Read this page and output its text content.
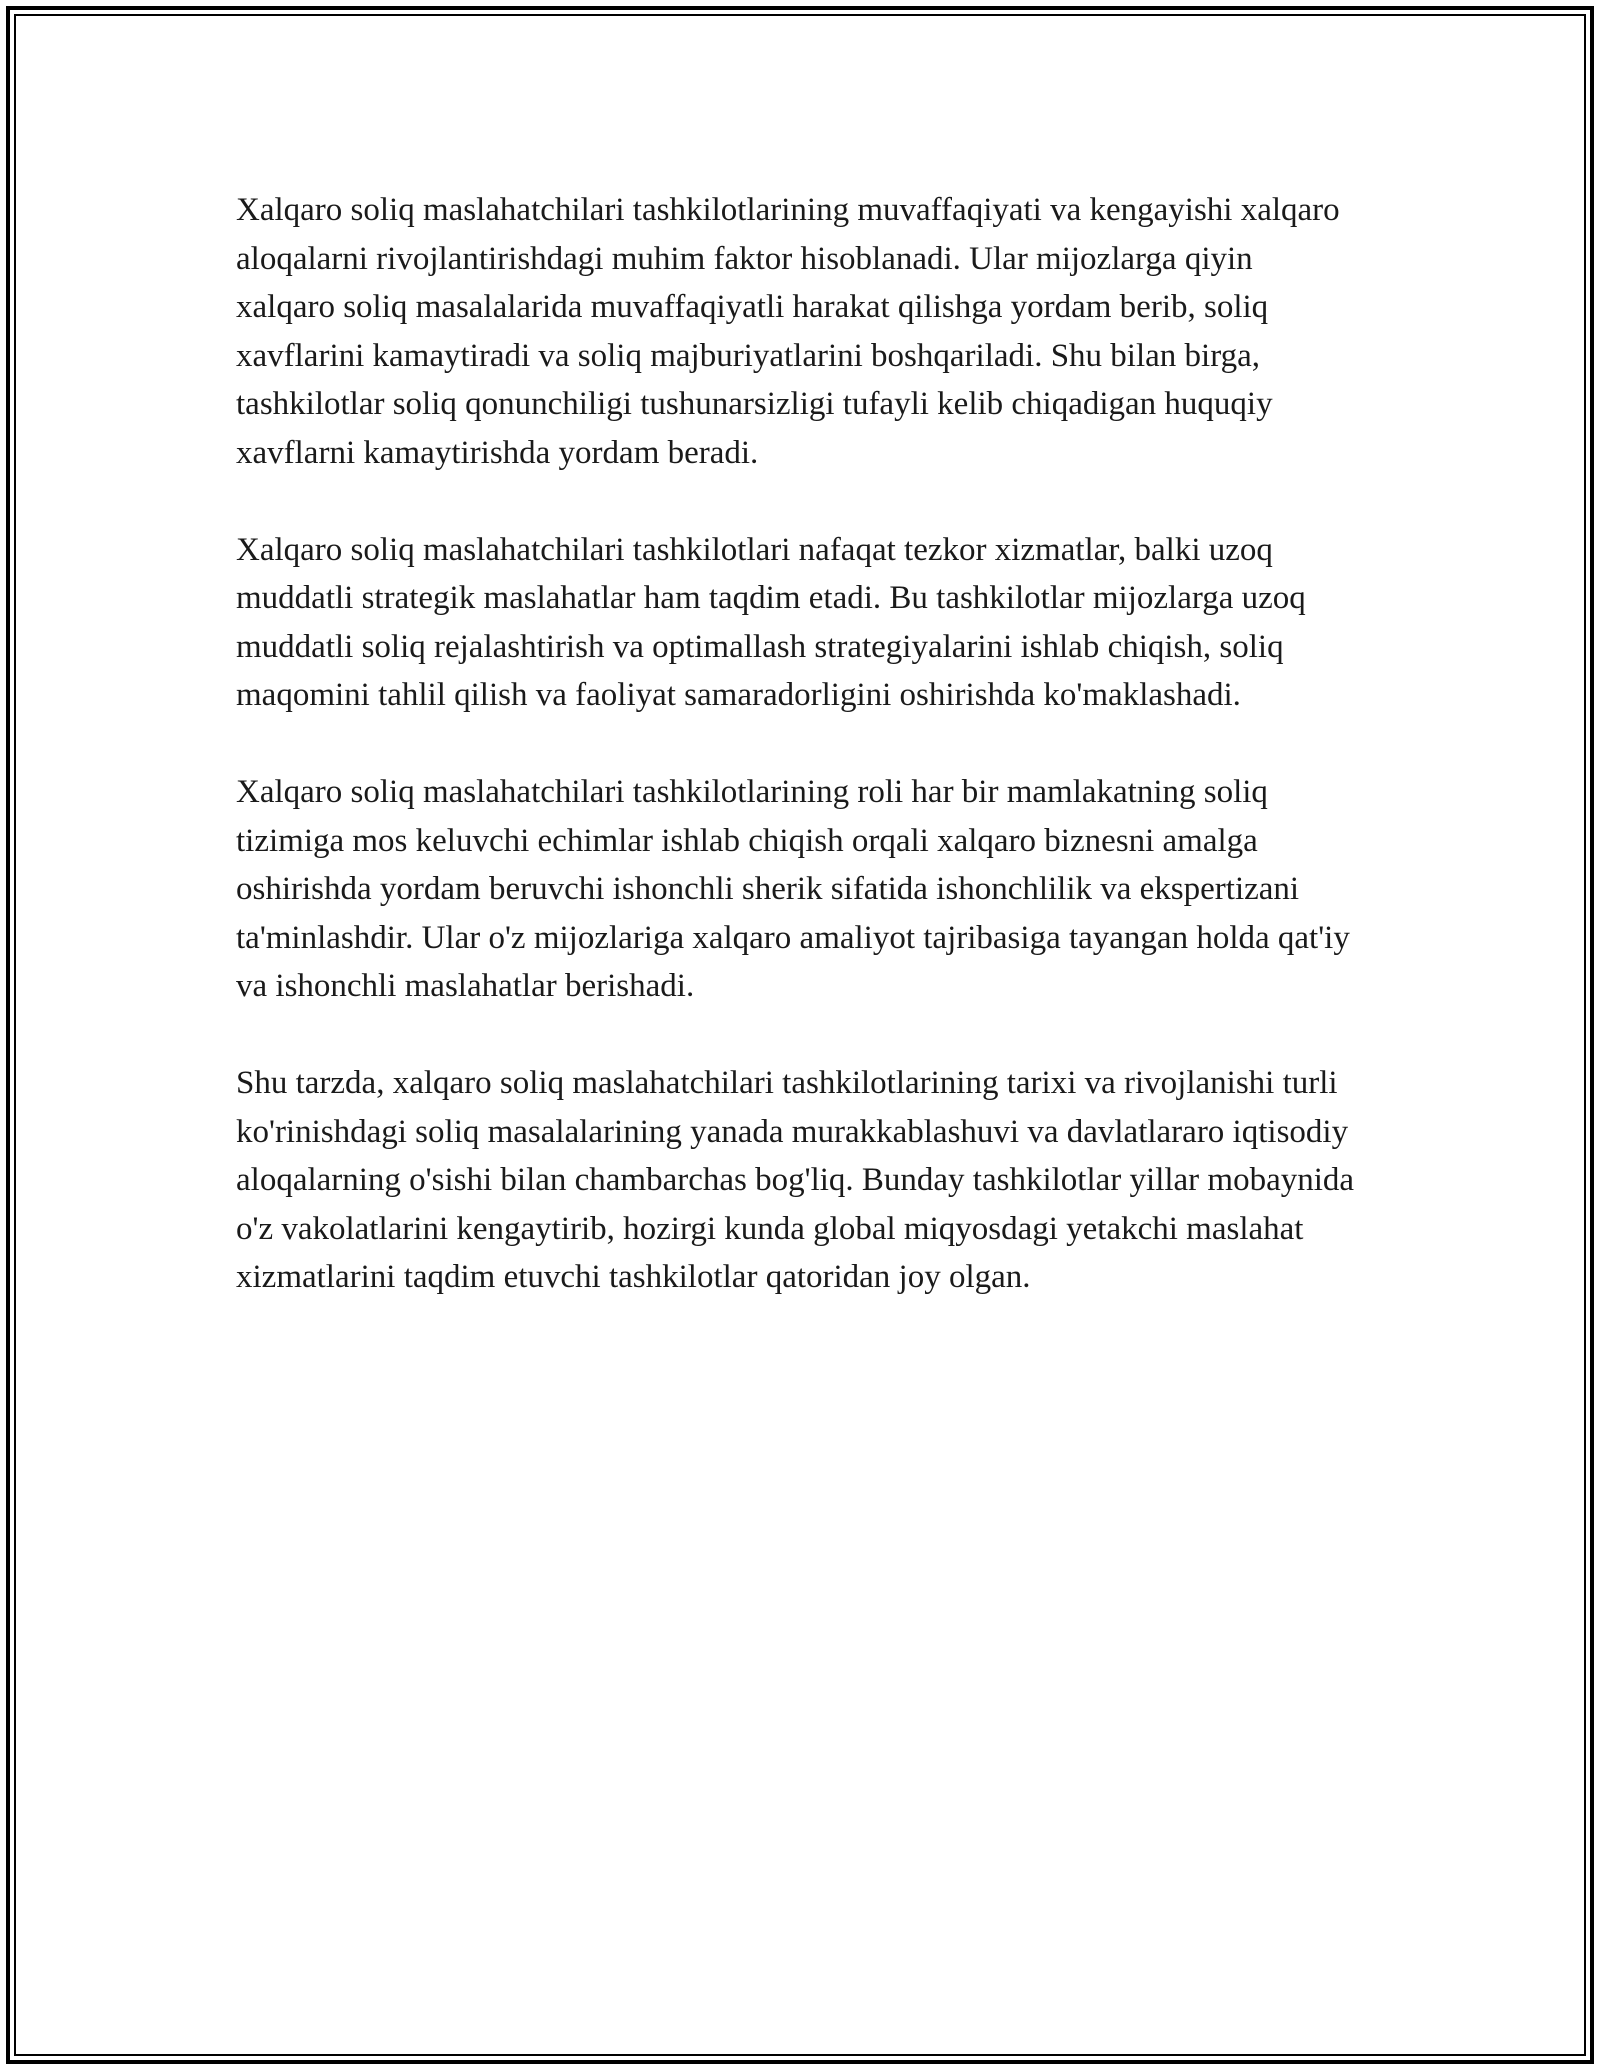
Xalqaro soliq maslahatchilari tashkilotlarining muvaffaqiyati va kengayishi xalqaro aloqalarni rivojlantirishdagi muhim faktor hisoblanadi. Ular mijozlarga qiyin xalqaro soliq masalalarida muvaffaqiyatli harakat qilishga yordam berib, soliq xavflarini kamaytiradi va soliq majburiyatlarini boshqariladi. Shu bilan birga, tashkilotlar soliq qonunchiligi tushunarsizligi tufayli kelib chiqadigan huquqiy xavflarni kamaytirishda yordam beradi.

Xalqaro soliq maslahatchilari tashkilotlari nafaqat tezkor xizmatlar, balki uzoq muddatli strategik maslahatlar ham taqdim etadi. Bu tashkilotlar mijozlarga uzoq muddatli soliq rejalashtirish va optimallash strategiyalarini ishlab chiqish, soliq maqomini tahlil qilish va faoliyat samaradorligini oshirishda ko'maklashadi.

Xalqaro soliq maslahatchilari tashkilotlarining roli har bir mamlakatning soliq tizimiga mos keluvchi echimlar ishlab chiqish orqali xalqaro biznesni amalga oshirishda yordam beruvchi ishonchli sherik sifatida ishonchlilik va ekspertizani ta'minlashdir. Ular o'z mijozlariga xalqaro amaliyot tajribasiga tayangan holda qat'iy va ishonchli maslahatlar berishadi.

Shu tarzda, xalqaro soliq maslahatchilari tashkilotlarining tarixi va rivojlanishi turli ko'rinishdagi soliq masalalarining yanada murakkablashuvi va davlatlararo iqtisodiy aloqalarning o'sishi bilan chambarchas bog'liq. Bunday tashkilotlar yillar mobaynida o'z vakolatlarini kengaytirib, hozirgi kunda global miqyosdagi yetakchi maslahat xizmatlarini taqdim etuvchi tashkilotlar qatoridan joy olgan.
